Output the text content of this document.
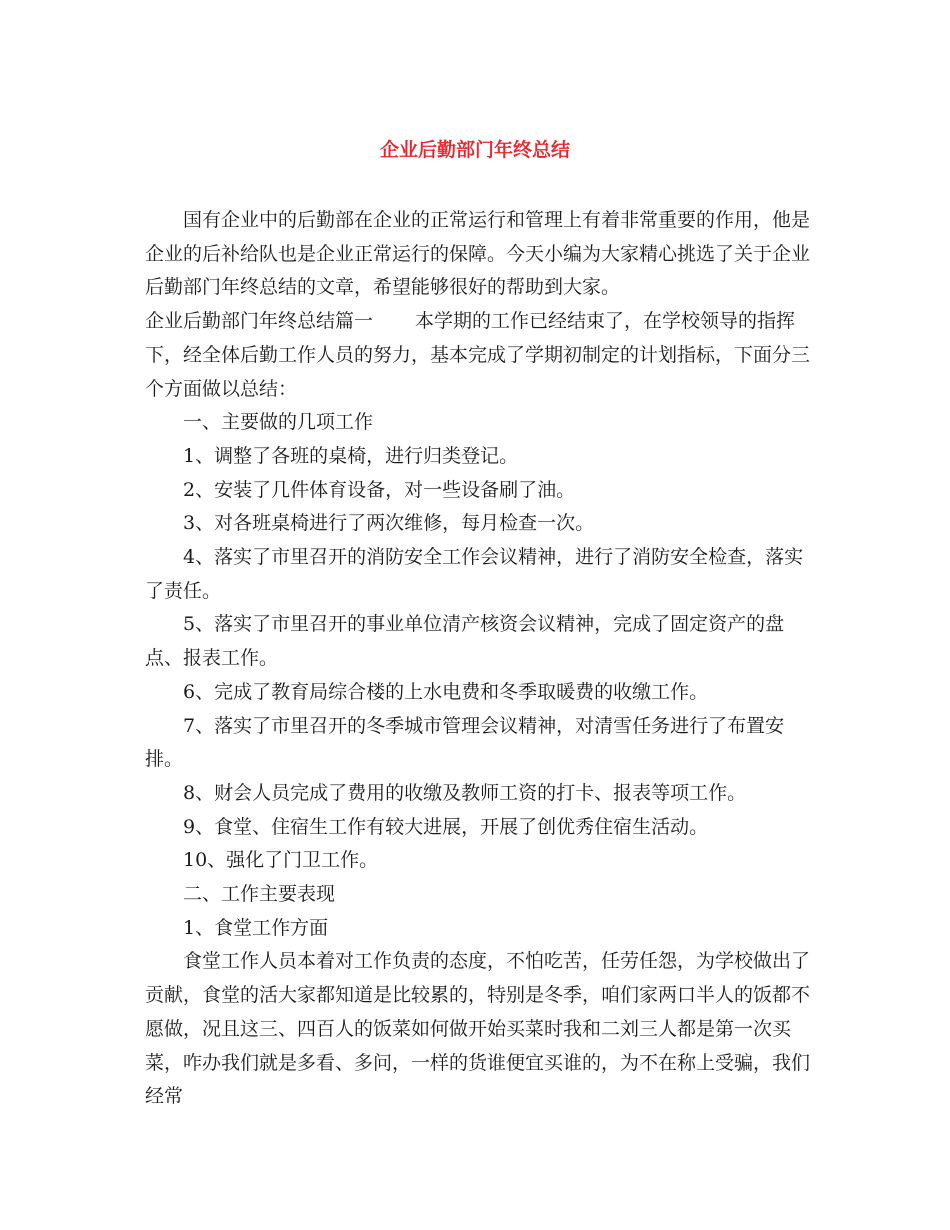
企业后勤部门年终总结

国有企业中的后勤部在企业的正常运行和管理上有着非常重要的作用，他是企业的后补给队也是企业正常运行的保障。今天小编为大家精心挑选了关于企业后勤部门年终总结的文章，希望能够很好的帮助到大家。

企业后勤部门年终总结篇一 本学期的工作已经结束了，在学校领导的指挥下，经全体后勤工作人员的努力，基本完成了学期初制定的计划指标，下面分三个方面做以总结：

一、主要做的几项工作

1、调整了各班的桌椅，进行归类登记。

2、安装了几件体育设备，对一些设备刷了油。

3、对各班桌椅进行了两次维修，每月检查一次。

4、落实了市里召开的消防安全工作会议精神，进行了消防安全检查，落实了责任。

5、落实了市里召开的事业单位清产核资会议精神，完成了固定资产的盘点、报表工作。

6、完成了教育局综合楼的上水电费和冬季取暖费的收缴工作。

7、落实了市里召开的冬季城市管理会议精神，对清雪任务进行了布置安排。

8、财会人员完成了费用的收缴及教师工资的打卡、报表等项工作。

9、食堂、住宿生工作有较大进展，开展了创优秀住宿生活动。

10、强化了门卫工作。

二、工作主要表现

1、食堂工作方面

食堂工作人员本着对工作负责的态度，不怕吃苦，任劳任怨，为学校做出了贡献，食堂的活大家都知道是比较累的，特别是冬季，咱们家两口半人的饭都不愿做，况且这三、四百人的饭菜如何做开始买菜时我和二刘三人都是第一次买菜，咋办我们就是多看、多问，一样的货谁便宜买谁的，为不在称上受骗，我们经常
